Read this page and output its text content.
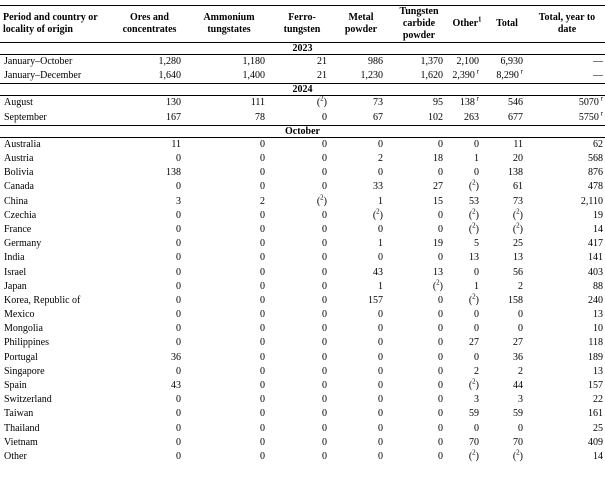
Period and country or locality of origin	Ores and concentrates	Ammonium tungstates	Ferro-tungsten	Metal powder	Tungsten carbide powder	Other$^1$	Total	Total, year to date
2023								
January–October	1,280	1,180	21	986	1,370	2,100	6,930	—
January–December	1,640	1,400	21	1,230	1,620	2,390 $^r$	8,290 $^r$	—
2024								
August	130	111	($^2$)	73	95	138 $^r$	546	5070 $^r$
September	167	78	0	67	102	263	677	5750 $^r$
October								
Australia	11	0	0	0	0	0	11	62
Austria	0	0	0	2	18	1	20	568
Bolivia	138	0	0	0	0	0	138	876
Canada	0	0	0	33	27	($^2$)	61	478
China	3	2	($^2$)	1	15	53	73	2,110
Czechia	0	0	0	($^2$)	0	($^2$)	($^2$)	19
France	0	0	0	0	0	($^2$)	($^2$)	14
Germany	0	0	0	1	19	5	25	417
India	0	0	0	0	0	13	13	141
Israel	0	0	0	43	13	0	56	403
Japan	0	0	0	1	($^2$)	1	2	88
Korea, Republic of	0	0	0	157	0	($^2$)	158	240
Mexico	0	0	0	0	0	0	0	13
Mongolia	0	0	0	0	0	0	0	10
Philippines	0	0	0	0	0	27	27	118
Portugal	36	0	0	0	0	0	36	189
Singapore	0	0	0	0	0	2	2	13
Spain	43	0	0	0	0	($^2$)	44	157
Switzerland	0	0	0	0	0	3	3	22
Taiwan	0	0	0	0	0	59	59	161
Thailand	0	0	0	0	0	0	0	25
Vietnam	0	0	0	0	0	70	70	409
Other	0	0	0	0	0	($^2$)	($^2$)	14
